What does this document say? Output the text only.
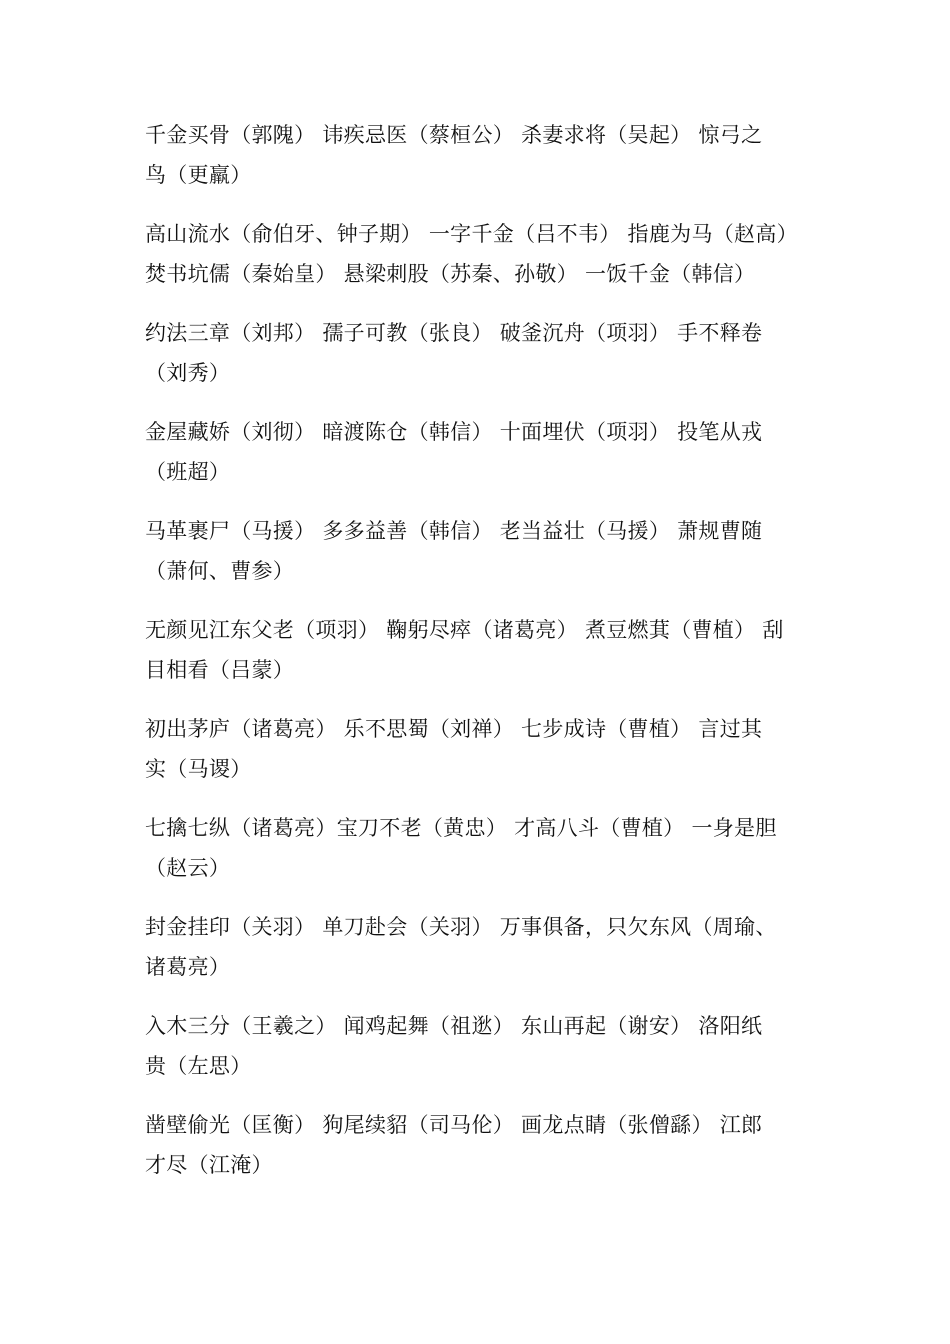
千金买骨（郭隗） 讳疾忌医（蔡桓公） 杀妻求将（吴起） 惊弓之
鸟（更羸）

高山流水（俞伯牙、钟子期） 一字千金（吕不韦） 指鹿为马（赵高）
焚书坑儒（秦始皇） 悬梁刺股（苏秦、孙敬） 一饭千金（韩信）

约法三章（刘邦） 孺子可教（张良） 破釜沉舟（项羽） 手不释卷
（刘秀）

金屋藏娇（刘彻） 暗渡陈仓（韩信） 十面埋伏（项羽） 投笔从戎
（班超）

马革裹尸（马援） 多多益善（韩信） 老当益壮（马援） 萧规曹随
（萧何、曹参）

无颜见江东父老（项羽） 鞠躬尽瘁（诸葛亮） 煮豆燃萁（曹植） 刮
目相看（吕蒙）

初出茅庐（诸葛亮） 乐不思蜀（刘禅） 七步成诗（曹植） 言过其
实（马谡）

七擒七纵（诸葛亮）宝刀不老（黄忠） 才高八斗（曹植） 一身是胆
（赵云）

封金挂印（关羽） 单刀赴会（关羽） 万事俱备，只欠东风（周瑜、
诸葛亮）

入木三分（王羲之） 闻鸡起舞（祖逖） 东山再起（谢安） 洛阳纸
贵（左思）

凿壁偷光（匡衡） 狗尾续貂（司马伦） 画龙点睛（张僧繇） 江郎
才尽（江淹）
